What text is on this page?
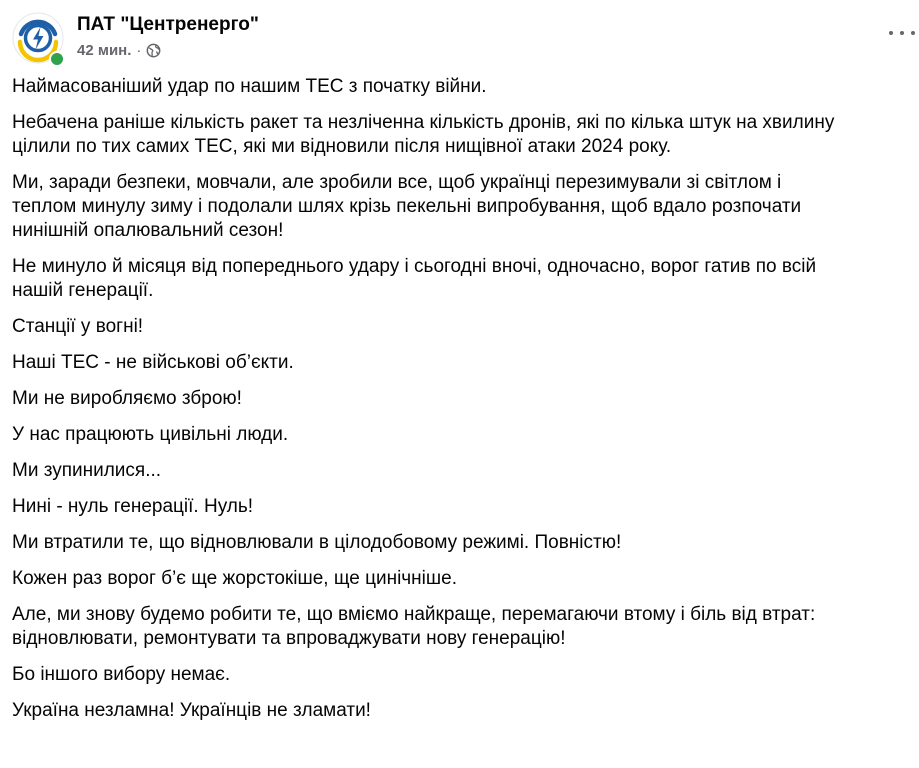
ПАТ "Центренерго"
42 мин. ·

Наймасованіший удар по нашим ТЕС з початку війни.

Небачена раніше кількість ракет та незліченна кількість дронів, які по кілька штук на хвилину
цілили по тих самих ТЕС, які ми відновили після нищівної атаки 2024 року.

Ми, заради безпеки, мовчали, але зробили все, щоб українці перезимували зі світлом і
теплом минулу зиму і подолали шлях крізь пекельні випробування, щоб вдало розпочати
нинішній опалювальний сезон!

Не минуло й місяця від попереднього удару і сьогодні вночі, одночасно, ворог гатив по всій
нашій генерації.

Станції у вогні!

Наші ТЕС - не військові об’єкти.

Ми не виробляємо зброю!

У нас працюють цивільні люди.

Ми зупинилися...

Нині - нуль генерації. Нуль!

Ми втратили те, що відновлювали в цілодобовому режимі. Повністю!

Кожен раз ворог б’є ще жорстокіше, ще цинічніше.

Але, ми знову будемо робити те, що вміємо найкраще, перемагаючи втому і біль від втрат:
відновлювати, ремонтувати та впроваджувати нову генерацію!

Бо іншого вибору немає.

Україна незламна! Українців не зламати!
